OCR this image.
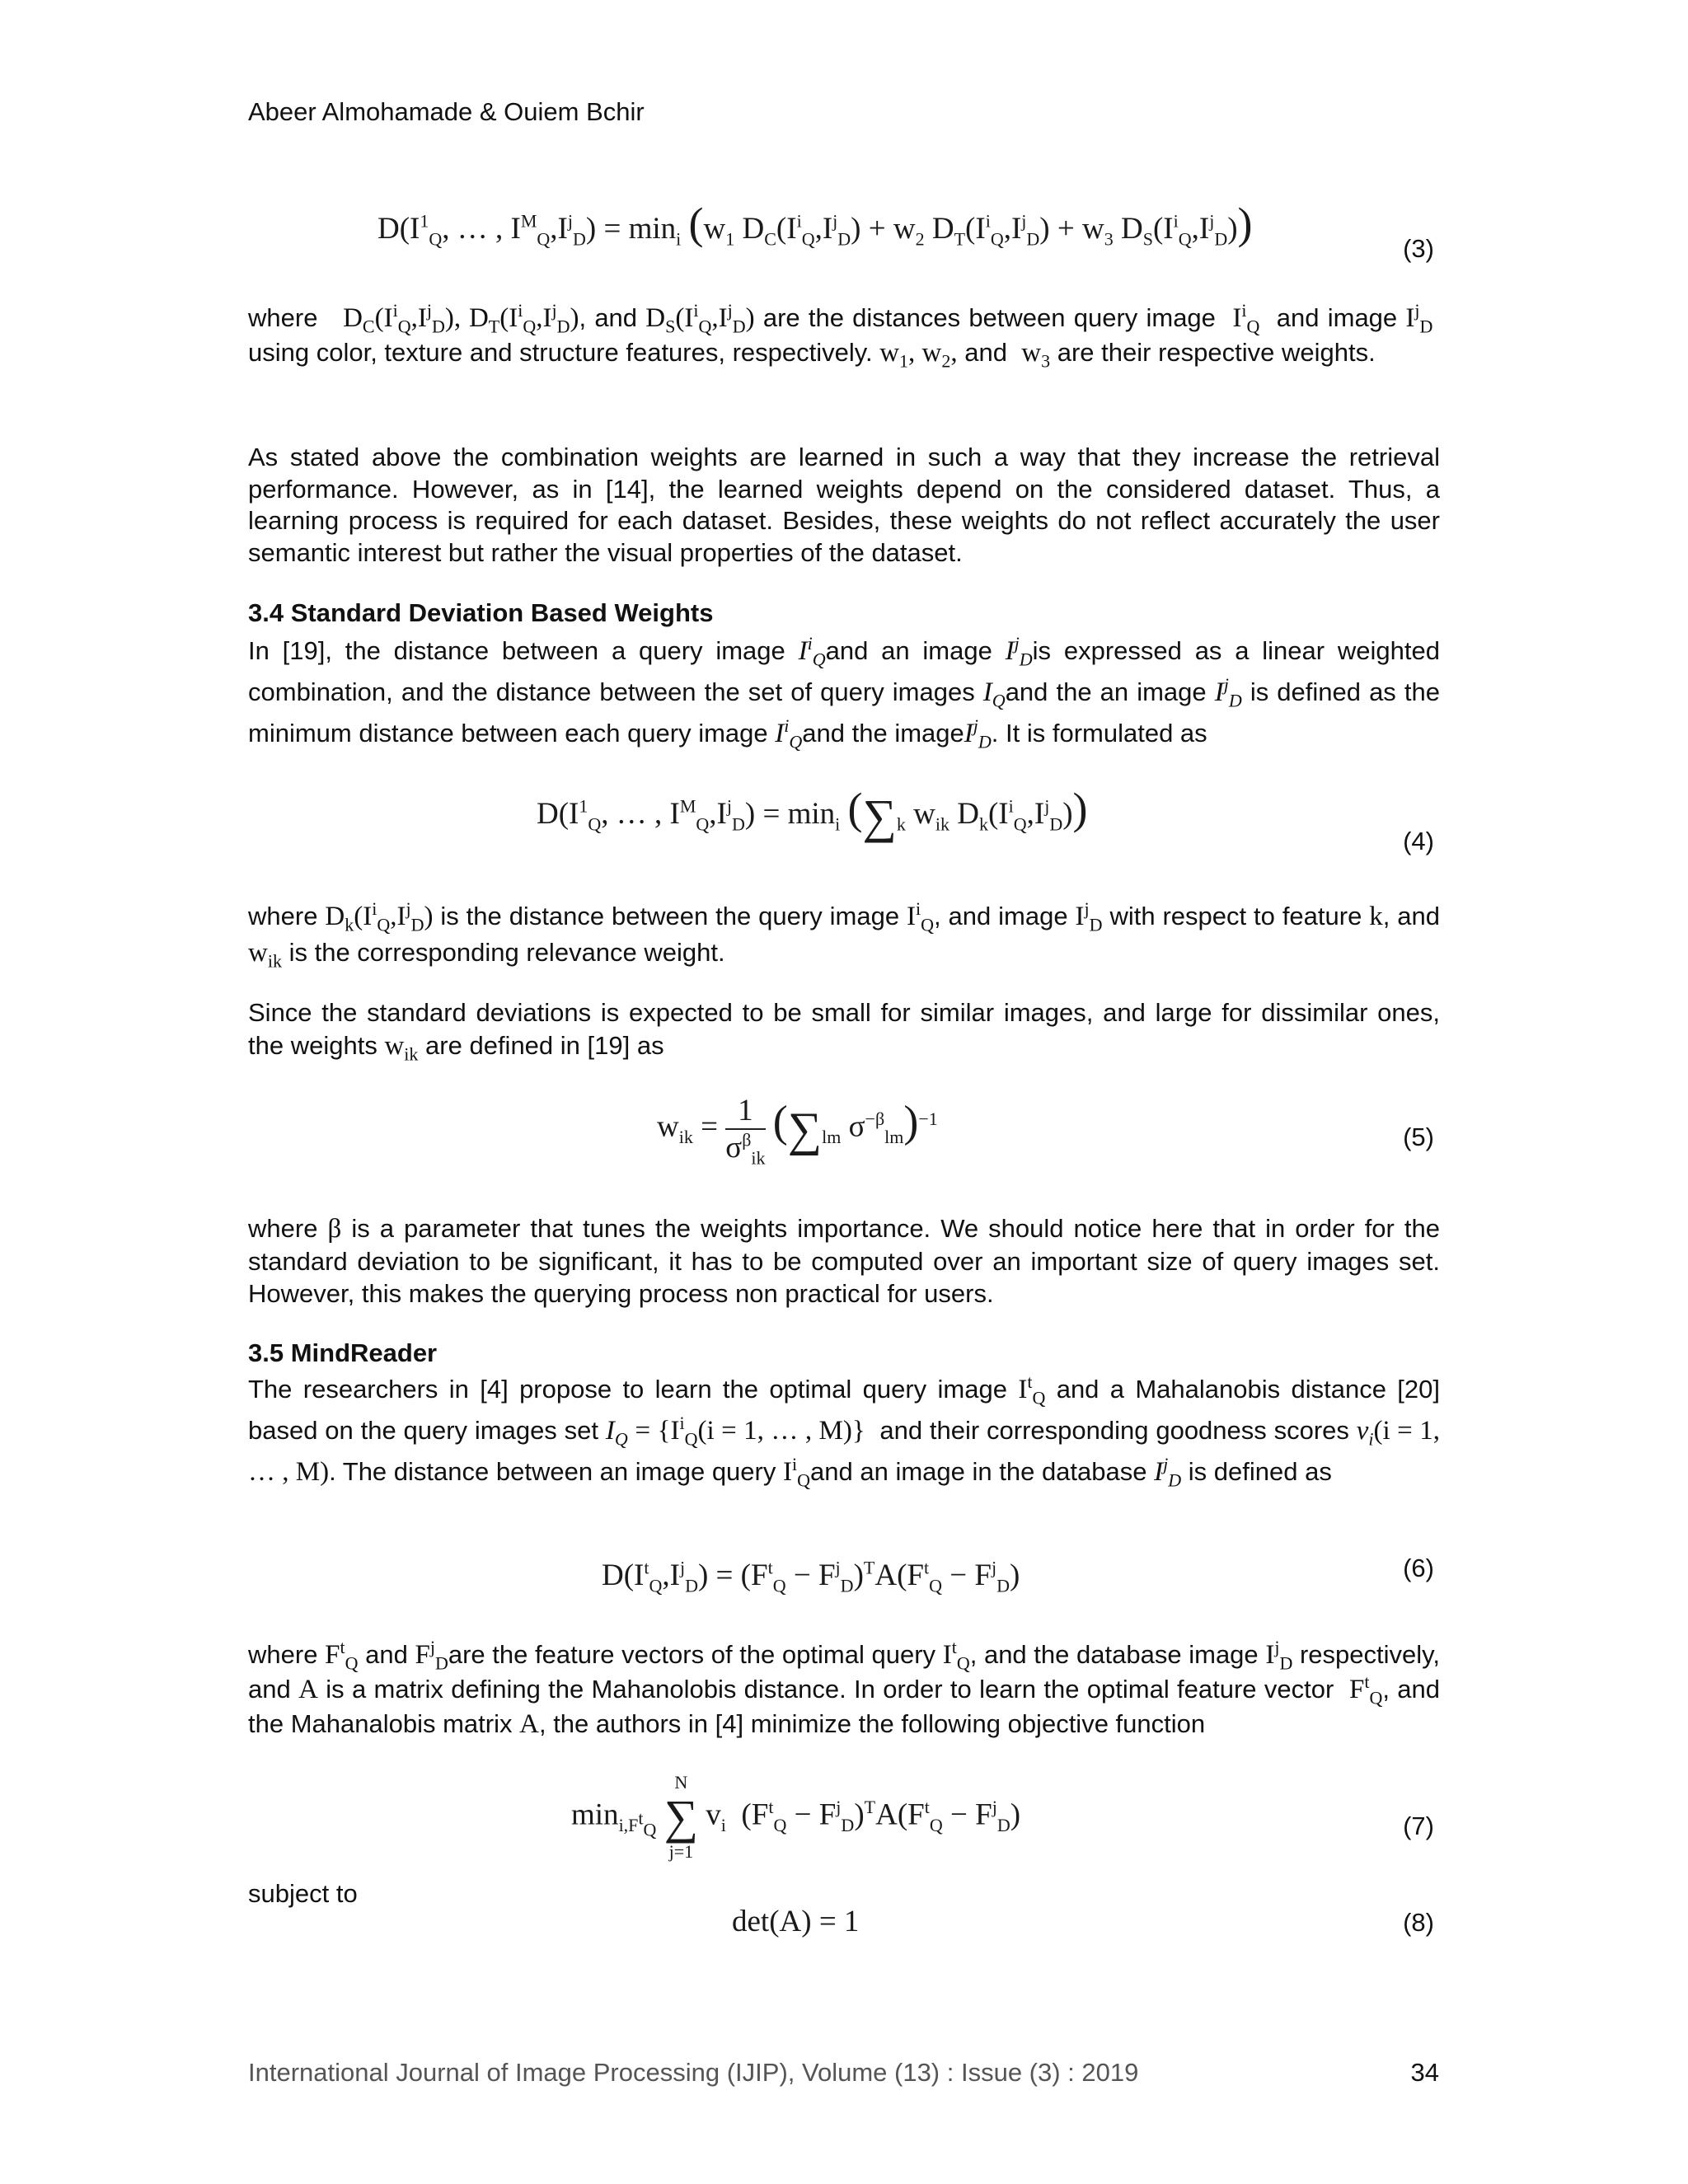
Abeer Almohamade & Ouiem Bchir
$D(I^1_Q$, … , $I^M_Q,I^j_D) = \min_i (w_1$ $D_C(I^i_Q,I^j_D) + w_2$ $D_T(I^i_Q,I^j_D) + w_3$ $D_S(I^i_Q,I^j_D)$)
(3)
where $D_C(I^i_Q,I^j_D)$, $D_T(I^i_Q,I^j_D)$, and $D_S(I^i_Q,I^j_D)$ are the distances between query image $I^i_Q$ and image $I^j_D$  using color, texture and structure features, respectively. $w_1$, $w_2$, and $w_3$ are their respective weights.
As stated above the combination weights are learned in such a way that they increase the retrieval performance. However, as in [14], the learned weights depend on the considered dataset. Thus, a learning process is required for each dataset. Besides, these weights do not reflect accurately the user semantic interest but rather the visual properties of the dataset.
3.4 Standard Deviation Based Weights
In [19], the distance between a query image $I^i_Qand$ an image $I^j_Dis$ expressed as a linear weighted combination, and the distance between the set of query images $I_Qand$ the an image $I^j_D$ is defined as the minimum distance between each query image $I^i_Qand$ the imageI$^j_D$. It is formulated as
$D(I^1_Q$, … , $I^M_Q,I^j_D) = \min_i (\sum_k$ $w_{ik}$ $D_k(I^i_Q,I^j_D)$)
(4)
where $D_k(I^i_Q,I^j_D)$ is the distance between the query image $I^i_Q$, and image $I^j_D$ with respect to feature k, and $w_{ik}$ is the corresponding relevance weight.
Since the standard deviations is expected to be small for similar images, and large for dissimilar ones, the weights $w_{ik}$ are defined in [19] as
$w_{ik} = \frac{1}{\sigma^\beta_{ik}} (\sum_{lm}$ $\sigma^{-\beta}_{lm})^{-1}$
(5)
where β is a parameter that tunes the weights importance. We should notice here that in order for the standard deviation to be significant, it has to be computed over an important size of query images set. However, this makes the querying process non practical for users.
3.5 MindReader
The researchers in [4] propose to learn the optimal query image $I^t_Q$ and a Mahalanobis distance [20] based on the query images set $I_Q = \{I^i_Q(i = 1$, … , M)} and their corresponding goodness scores $v_i(i = 1$, … , M). The distance between an image query $I^i_Qand$ an image in the database $I^j_D$ is defined as
$D(I^t_Q,I^j_D) = (F^t_Q - F^j_D)^TA(F^t_Q - F^j_D)$	(6)
where $F^t_Q$ and $F^j_Dare$ the feature vectors of the optimal query $I^t_Q$, and the database image $I^j_D$ respectively, and A is a matrix defining the Mahanolobis distance. In order to learn the optimal feature vector $F^t_Q$, and the Mahanalobis matrix A, the authors in [4] minimize the following objective function
$\min_{i,F^t_Q}$
N
∑
j=1
$v_i$  $(F^t_Q - F^j_D)^TA(F^t_Q - F^j_D)$	(7)
subject to
det(A) = 1	(8)
International Journal of Image Processing (IJIP), Volume (13) : Issue (3) : 2019	34
